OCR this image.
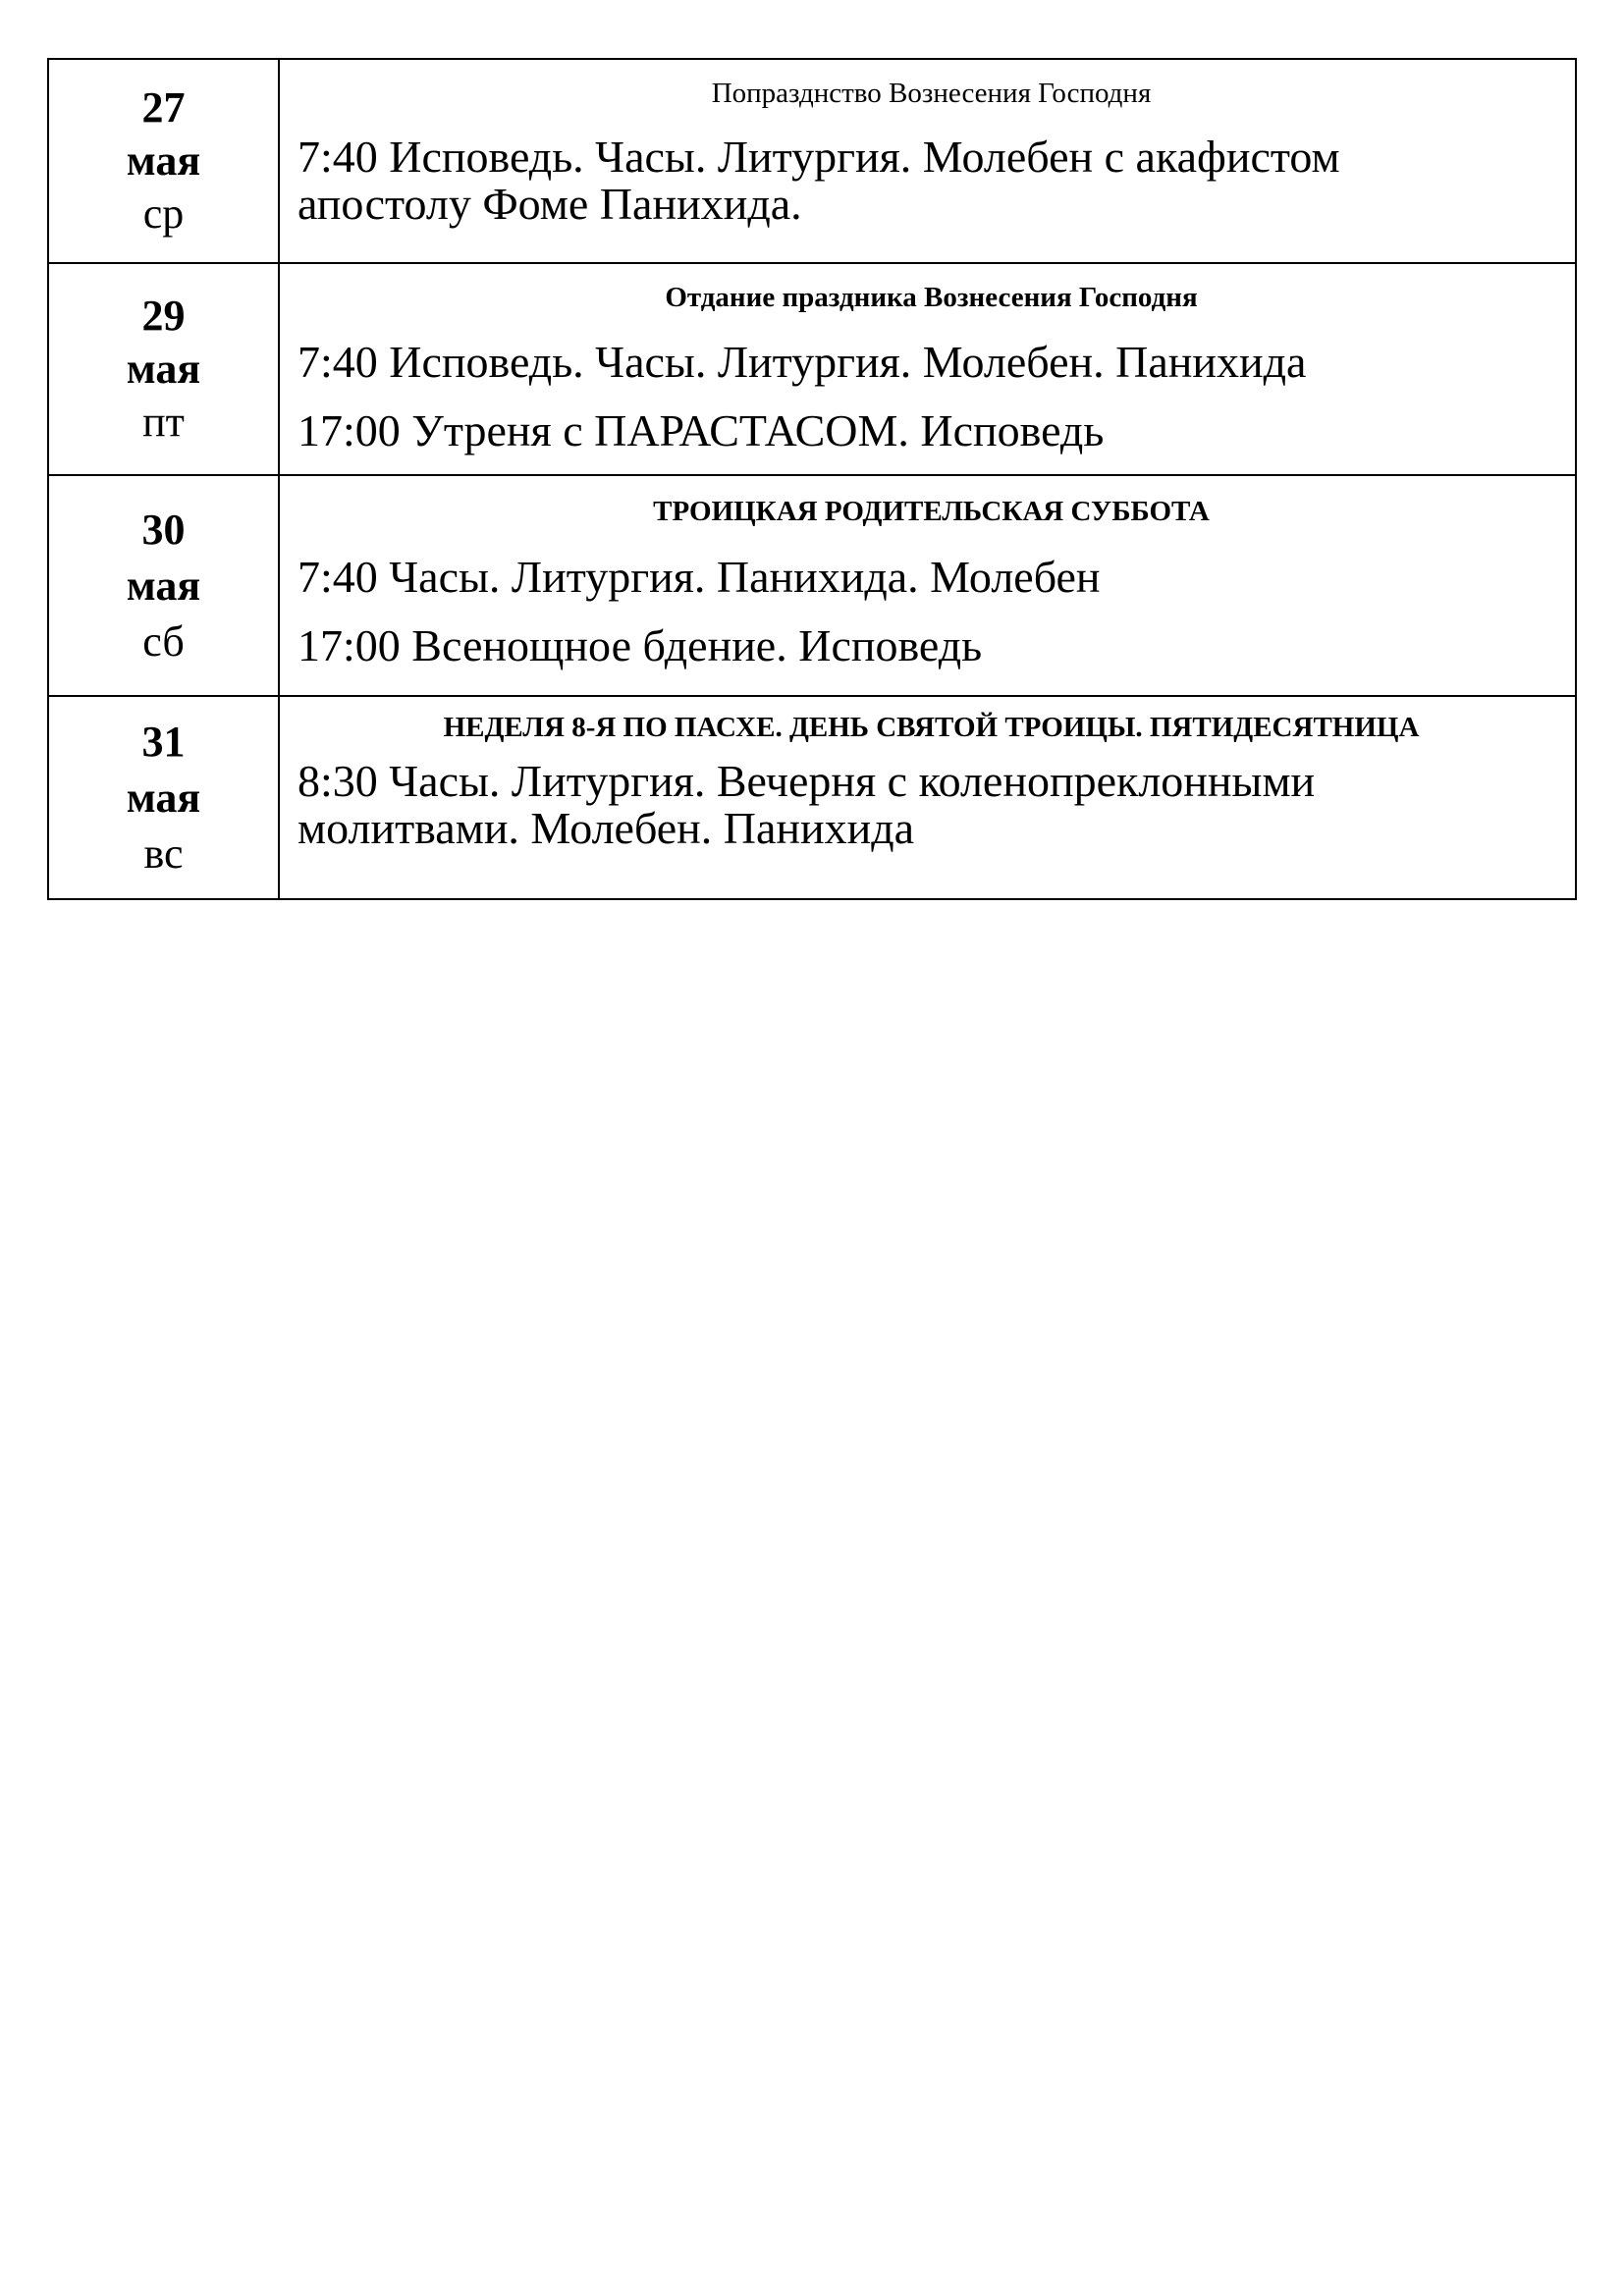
27
мая
ср
Попразднство Вознесения Господня
7:40 Исповедь. Часы. Литургия. Молебен с акафистом
апостолу Фоме Панихида.
29
мая
пт
Отдание праздника Вознесения Господня
7:40 Исповедь. Часы. Литургия. Молебен. Панихида
17:00 Утреня с ПАРАСТАСОМ. Исповедь
30
мая
сб
ТРОИЦКАЯ РОДИТЕЛЬСКАЯ СУББОТА
7:40 Часы. Литургия. Панихида. Молебен
17:00 Всенощное бдение. Исповедь
31
мая
вс
НЕДЕЛЯ 8-Я ПО ПАСХЕ. ДЕНЬ СВЯТОЙ ТРОИЦЫ. ПЯТИДЕСЯТНИЦА
8:30 Часы. Литургия. Вечерня с коленопреклонными
молитвами. Молебен. Панихида
